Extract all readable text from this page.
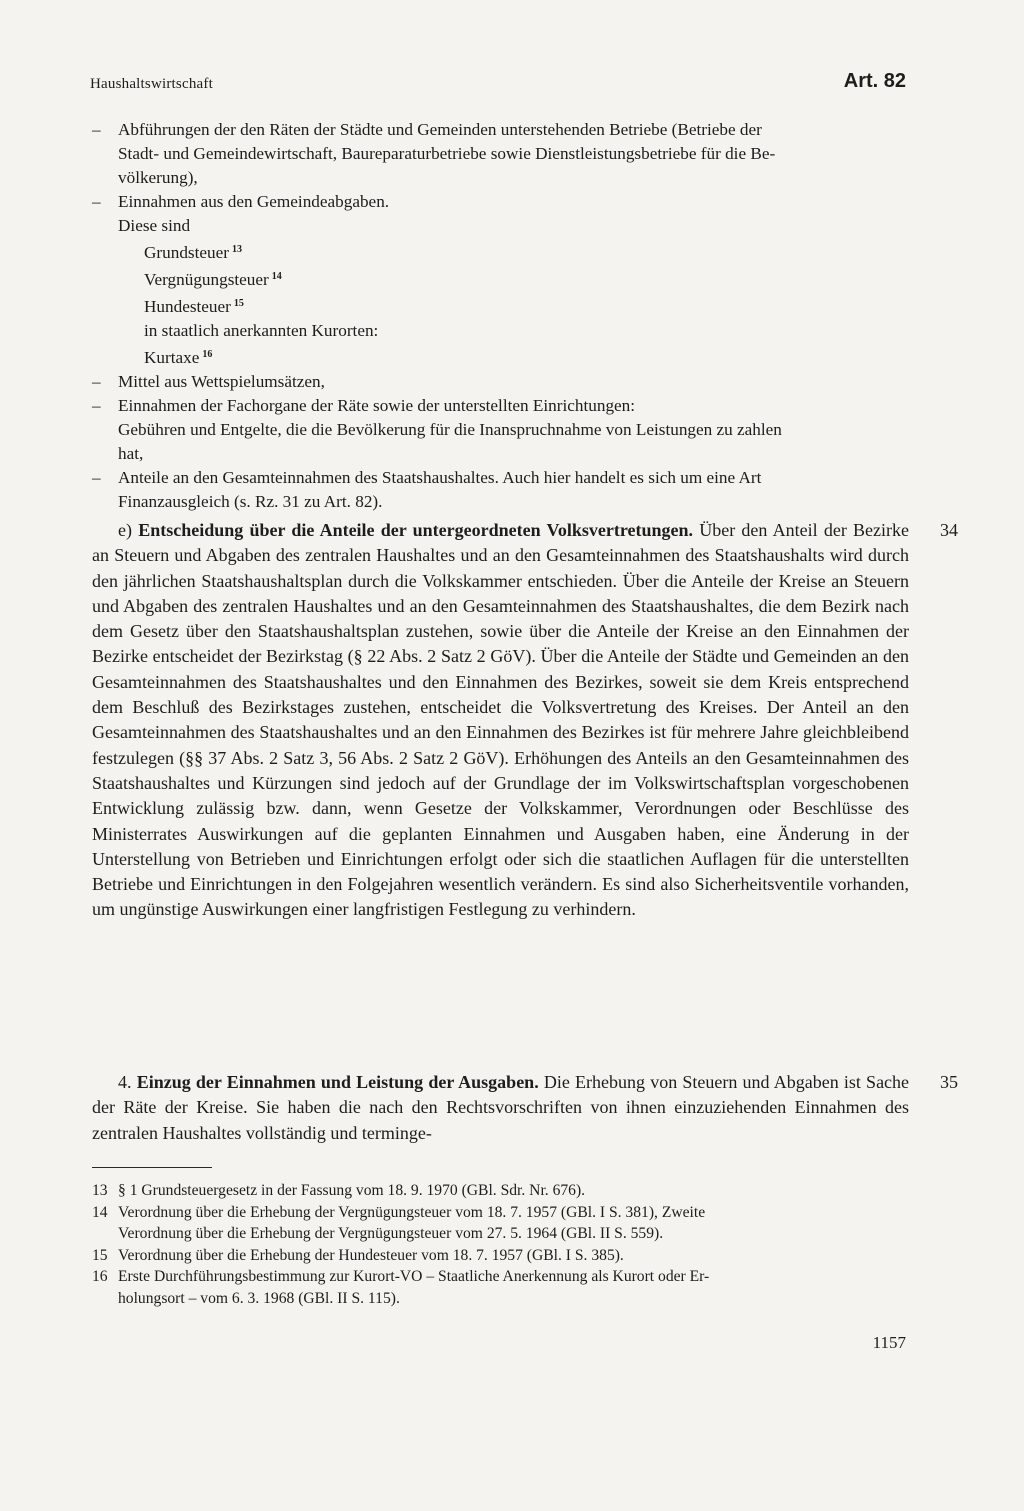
Haushaltswirtschaft	Art. 82
– Abführungen der den Räten der Städte und Gemeinden unterstehenden Betriebe (Betriebe der
Stadt- und Gemeindewirtschaft, Baureparaturbetriebe sowie Dienstleistungsbetriebe für die Be-
völkerung),
– Einnahmen aus den Gemeindeabgaben.
Diese sind
Grundsteuer $^{13}$
Vergnügungsteuer $^{14}$
Hundesteuer $^{15}$
in staatlich anerkannten Kurorten:
Kurtaxe $^{16}$
– Mittel aus Wettspielumsätzen,
– Einnahmen der Fachorgane der Räte sowie der unterstellten Einrichtungen:
Gebühren und Entgelte, die die Bevölkerung für die Inanspruchnahme von Leistungen zu zahlen
hat,
– Anteile an den Gesamteinnahmen des Staatshaushaltes. Auch hier handelt es sich um eine Art
Finanzausgleich (s. Rz. 31 zu Art. 82).
34
e) Entscheidung über die Anteile der untergeordneten Volksvertretungen. Über den Anteil der Bezirke an Steuern und Abgaben des zentralen Haushaltes und an den Gesamteinnahmen des Staatshaushalts wird durch den jährlichen Staatshaushaltsplan durch die Volkskammer entschieden. Über die Anteile der Kreise an Steuern und Abgaben des zentralen Haushaltes und an den Gesamteinnahmen des Staatshaushaltes, die dem Bezirk nach dem Gesetz über den Staatshaushaltsplan zustehen, sowie über die Anteile der Kreise an den Einnahmen der Bezirke entscheidet der Bezirkstag (§ 22 Abs. 2 Satz 2 GöV). Über die Anteile der Städte und Gemeinden an den Gesamteinnahmen des Staatshaushaltes und den Einnahmen des Bezirkes, soweit sie dem Kreis entsprechend dem Beschluß des Bezirkstages zustehen, entscheidet die Volksvertretung des Kreises. Der Anteil an den Gesamteinnahmen des Staatshaushaltes und an den Einnahmen des Bezirkes ist für mehrere Jahre gleichbleibend festzulegen (§§ 37 Abs. 2 Satz 3, 56 Abs. 2 Satz 2 GöV). Erhöhungen des Anteils an den Gesamteinnahmen des Staatshaushaltes und Kürzungen sind jedoch auf der Grundlage der im Volkswirtschaftsplan vorgeschobenen Entwicklung zulässig bzw. dann, wenn Gesetze der Volkskammer, Verordnungen oder Beschlüsse des Ministerrates Auswirkungen auf die geplanten Einnahmen und Ausgaben haben, eine Änderung in der Unterstellung von Betrieben und Einrichtungen erfolgt oder sich die staatlichen Auflagen für die unterstellten Betriebe und Einrichtungen in den Folgejahren wesentlich verändern. Es sind also Sicherheitsventile vorhanden, um ungünstige Auswirkungen einer langfristigen Festlegung zu verhindern.
35
4. Einzug der Einnahmen und Leistung der Ausgaben. Die Erhebung von Steuern und Abgaben ist Sache der Räte der Kreise. Sie haben die nach den Rechtsvorschriften von ihnen einzuziehenden Einnahmen des zentralen Haushaltes vollständig und terminge-
13 § 1 Grundsteuergesetz in der Fassung vom 18. 9. 1970 (GBl. Sdr. Nr. 676).
14 Verordnung über die Erhebung der Vergnügungsteuer vom 18. 7. 1957 (GBl. I S. 381), Zweite
Verordnung über die Erhebung der Vergnügungsteuer vom 27. 5. 1964 (GBl. II S. 559).
15 Verordnung über die Erhebung der Hundesteuer vom 18. 7. 1957 (GBl. I S. 385).
16 Erste Durchführungsbestimmung zur Kurort-VO – Staatliche Anerkennung als Kurort oder Er-
holungsort – vom 6. 3. 1968 (GBl. II S. 115).
1157
